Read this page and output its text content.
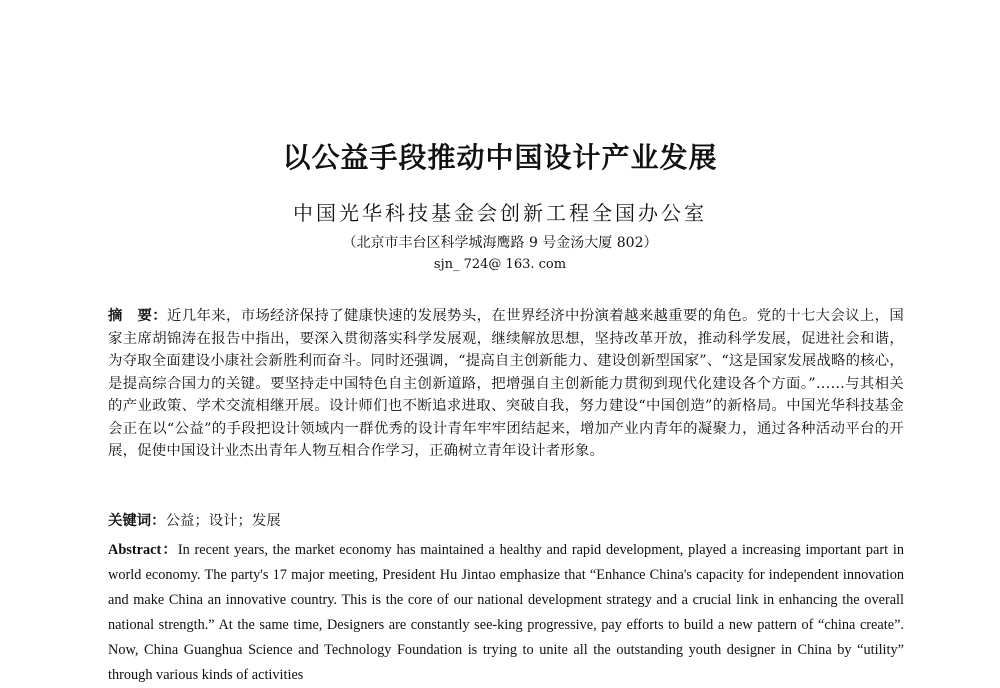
以公益手段推动中国设计产业发展
中国光华科技基金会创新工程全国办公室
（北京市丰台区科学城海鹰路 9 号金汤大厦 802）
sjn_ 724@ 163. com
摘　要：近几年来，市场经济保持了健康快速的发展势头，在世界经济中扮演着越来越重要的角色。党的十七大会议上，国家主席胡锦涛在报告中指出，要深入贯彻落实科学发展观，继续解放思想，坚持改革开放，推动科学发展，促进社会和谐，为夺取全面建设小康社会新胜利而奋斗。同时还强调，“提高自主创新能力、建设创新型国家”、“这是国家发展战略的核心，是提高综合国力的关键。要坚持走中国特色自主创新道路，把增强自主创新能力贯彻到现代化建设各个方面。”……与其相关的产业政策、学术交流相继开展。设计师们也不断追求进取、突破自我，努力建设“中国创造”的新格局。中国光华科技基金会正在以“公益”的手段把设计领域内一群优秀的设计青年牢牢团结起来，增加产业内青年的凝聚力，通过各种活动平台的开展，促使中国设计业杰出青年人物互相合作学习，正确树立青年设计者形象。
关键词：公益；设计；发展
Abstract：In recent years, the market economy has maintained a healthy and rapid development, played a increasing important part in world economy. The party's 17 major meeting, President Hu Jintao emphasize that “Enhance China's capacity for independent innovation and make China an innovative country. This is the core of our national development strategy and a crucial link in enhancing the overall national strength.” At the same time, Designers are constantly see-king progressive, pay efforts to build a new pattern of “china create”. Now, China Guanghua Science and Technology Foundation is trying to unite all the outstanding youth designer in China by “utility” through various kinds of activities
